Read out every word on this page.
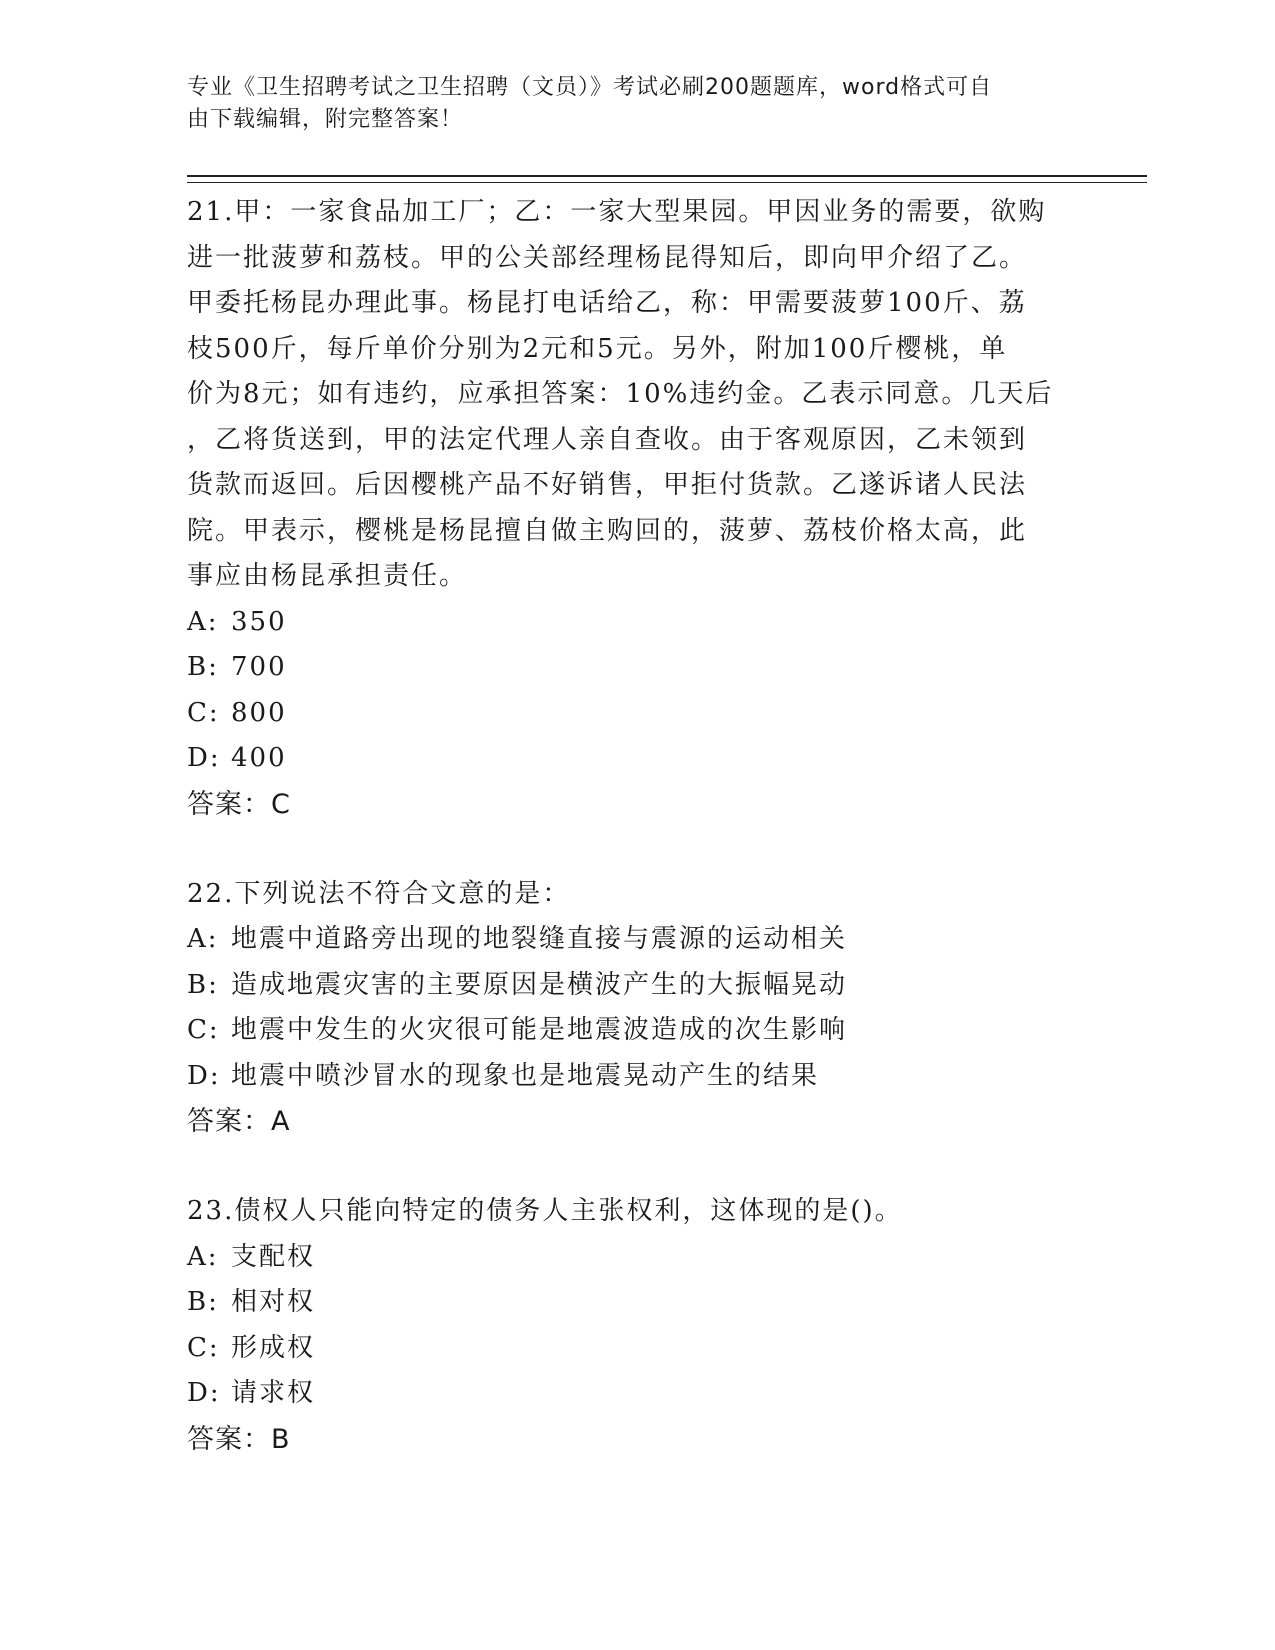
专业《卫生招聘考试之卫生招聘（文员）》考试必刷200题题库，word格式可自
由下载编辑，附完整答案！
21.甲：一家食品加工厂；乙：一家大型果园。甲因业务的需要，欲购
进一批菠萝和荔枝。甲的公关部经理杨昆得知后，即向甲介绍了乙。
甲委托杨昆办理此事。杨昆打电话给乙，称：甲需要菠萝100斤、荔
枝500斤，每斤单价分别为2元和5元。另外，附加100斤樱桃，单
价为8元；如有违约，应承担答案：10%违约金。乙表示同意。几天后
，乙将货送到，甲的法定代理人亲自查收。由于客观原因，乙未领到
货款而返回。后因樱桃产品不好销售，甲拒付货款。乙遂诉诸人民法
院。甲表示，樱桃是杨昆擅自做主购回的，菠萝、荔枝价格太高，此
事应由杨昆承担责任。
A: 350
B: 700
C: 800
D: 400
答案：C
22.下列说法不符合文意的是：
A: 地震中道路旁出现的地裂缝直接与震源的运动相关
B: 造成地震灾害的主要原因是横波产生的大振幅晃动
C: 地震中发生的火灾很可能是地震波造成的次生影响
D: 地震中喷沙冒水的现象也是地震晃动产生的结果
答案：A
23.债权人只能向特定的债务人主张权利，这体现的是()。
A: 支配权
B: 相对权
C: 形成权
D: 请求权
答案：B
